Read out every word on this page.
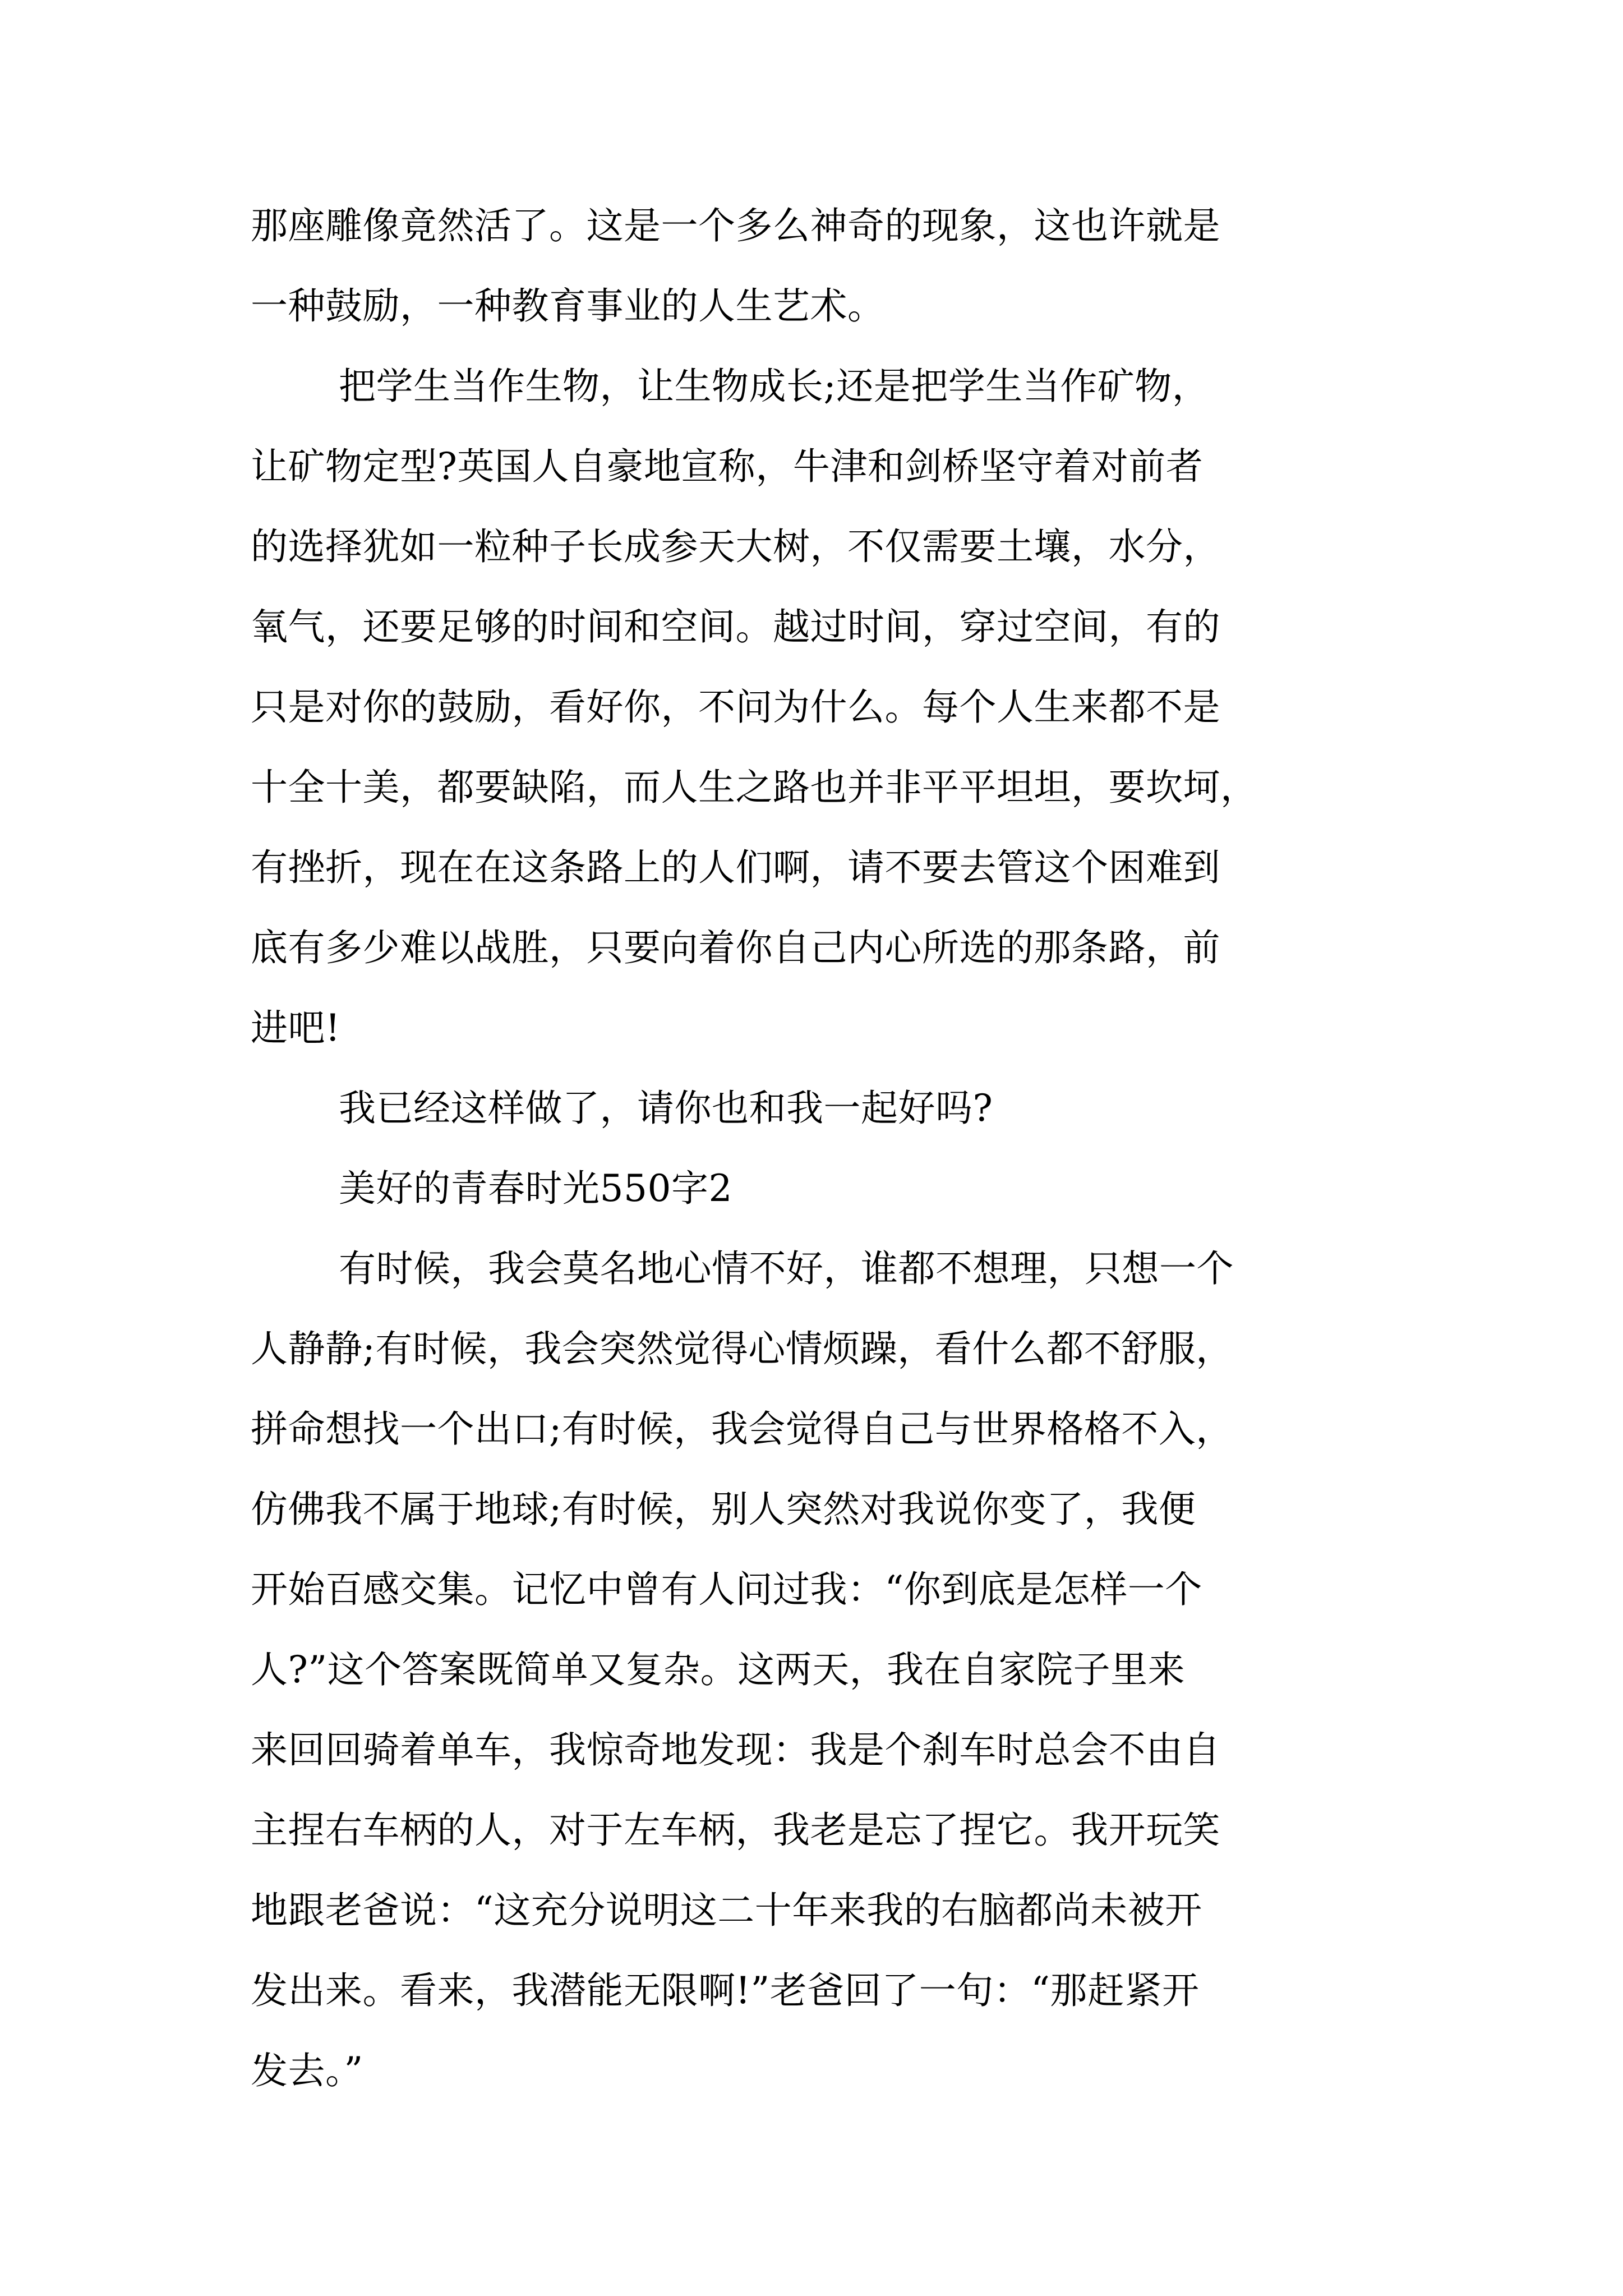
那座雕像竟然活了。这是一个多么神奇的现象，这也许就是
一种鼓励，一种教育事业的人生艺术。
把学生当作生物，让生物成长;还是把学生当作矿物，
让矿物定型?英国人自豪地宣称，牛津和剑桥坚守着对前者
的选择犹如一粒种子长成参天大树，不仅需要土壤，水分，
氧气，还要足够的时间和空间。越过时间，穿过空间，有的
只是对你的鼓励，看好你，不问为什么。每个人生来都不是
十全十美，都要缺陷，而人生之路也并非平平坦坦，要坎坷，
有挫折，现在在这条路上的人们啊，请不要去管这个困难到
底有多少难以战胜，只要向着你自己内心所选的那条路，前
进吧!
我已经这样做了，请你也和我一起好吗?
美好的青春时光550字2
有时候，我会莫名地心情不好，谁都不想理，只想一个
人静静;有时候，我会突然觉得心情烦躁，看什么都不舒服，
拼命想找一个出口;有时候，我会觉得自己与世界格格不入，
仿佛我不属于地球;有时候，别人突然对我说你变了，我便
开始百感交集。记忆中曾有人问过我：“你到底是怎样一个
人?”这个答案既简单又复杂。这两天，我在自家院子里来
来回回骑着单车，我惊奇地发现：我是个刹车时总会不由自
主捏右车柄的人，对于左车柄，我老是忘了捏它。我开玩笑
地跟老爸说：“这充分说明这二十年来我的右脑都尚未被开
发出来。看来，我潜能无限啊!”老爸回了一句：“那赶紧开
发去。”
